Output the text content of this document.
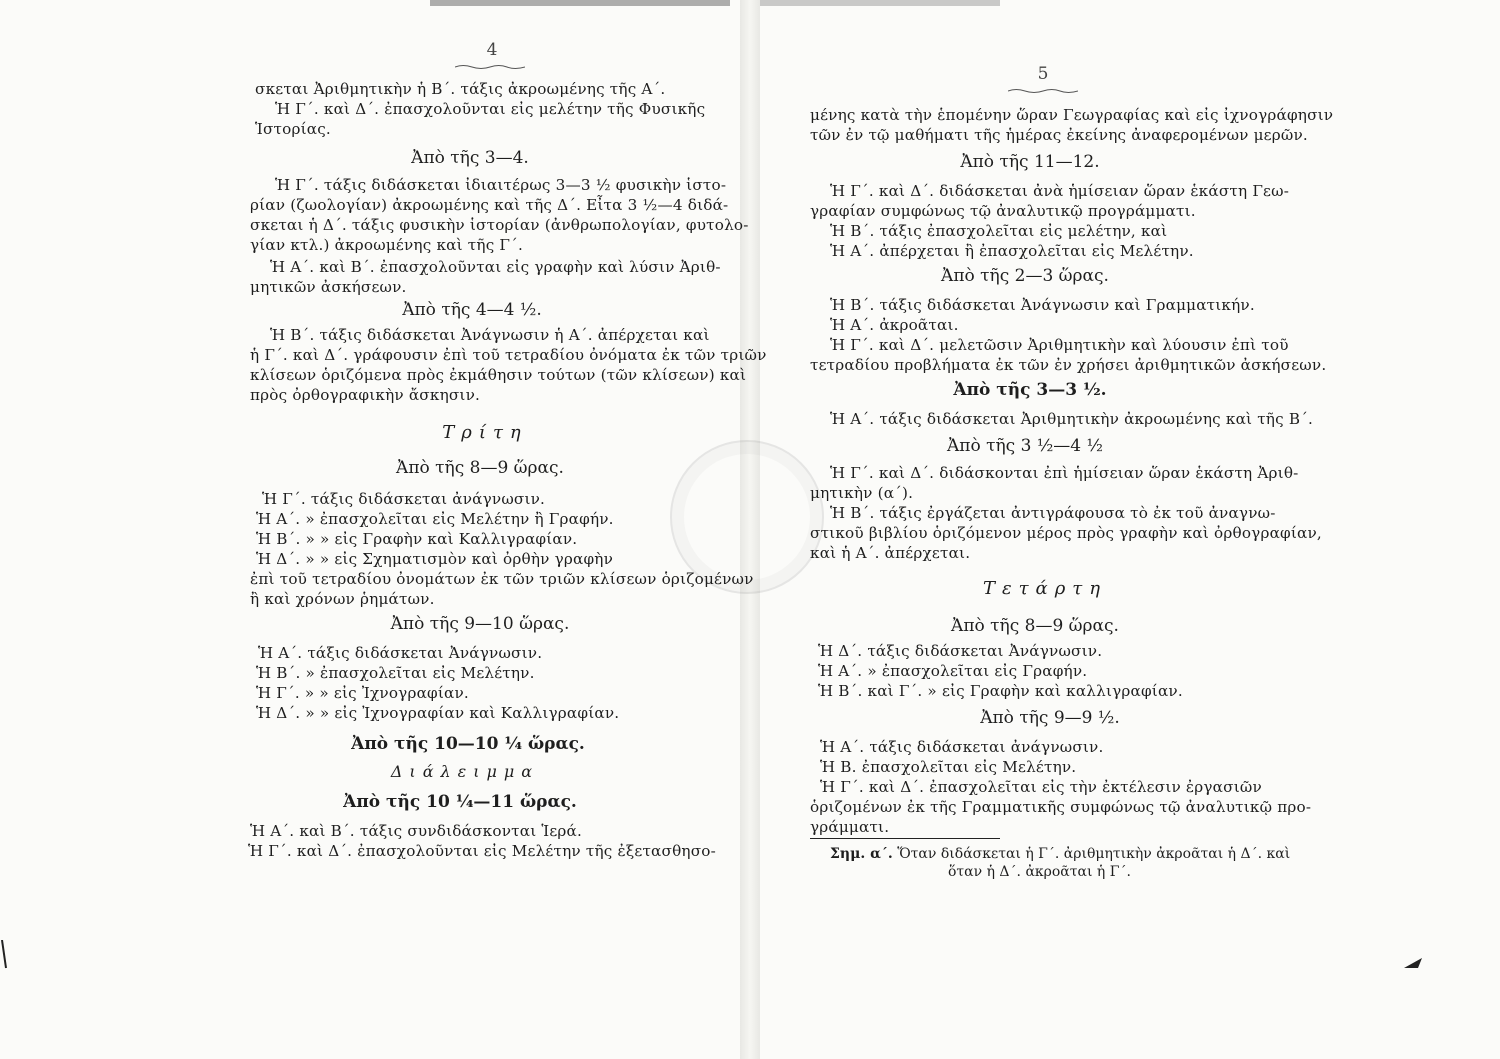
4
σκεται Ἀριθμητικὴν ἡ Β΄. τάξις ἀκροωμένης τῆς Α΄.
Ἡ Γ΄. καὶ Δ΄. ἐπασχολοῦνται εἰς μελέτην τῆς Φυσικῆς
Ἱστορίας.
Ἀπὸ τῆς 3—4.
Ἡ Γ΄. τάξις διδάσκεται ἰδιαιτέρως 3—3 ½ φυσικὴν ἱστο-
ρίαν (ζωολογίαν) ἀκροωμένης καὶ τῆς Δ΄. Εἶτα 3 ½—4 διδά-
σκεται ἡ Δ΄. τάξις φυσικὴν ἱστορίαν (ἀνθρωπολογίαν, φυτολο-
γίαν κτλ.) ἀκροωμένης καὶ τῆς Γ΄.
Ἡ Α΄. καὶ Β΄. ἐπασχολοῦνται εἰς γραφὴν καὶ λύσιν Ἀριθ-
μητικῶν ἀσκήσεων.
Ἀπὸ τῆς 4—4 ½.
Ἡ Β΄. τάξις διδάσκεται Ἀνάγνωσιν ἡ Α΄. ἀπέρχεται καὶ
ἡ Γ΄. καὶ Δ΄. γράφουσιν ἐπὶ τοῦ τετραδίου ὀνόματα ἐκ τῶν τριῶν
κλίσεων ὁριζόμενα πρὸς ἐκμάθησιν τούτων (τῶν κλίσεων) καὶ
πρὸς ὀρθογραφικὴν ἄσκησιν.
Τρίτη
Ἀπὸ τῆς 8—9 ὥρας.
Ἡ Γ΄. τάξις διδάσκεται ἀνάγνωσιν.
Ἡ Α΄. » ἐπασχολεῖται εἰς Μελέτην ἢ Γραφήν.
Ἡ Β΄. » » εἰς Γραφὴν καὶ Καλλιγραφίαν.
Ἡ Δ΄. » » εἰς Σχηματισμὸν καὶ ὀρθὴν γραφὴν
ἐπὶ τοῦ τετραδίου ὀνομάτων ἐκ τῶν τριῶν κλίσεων ὁριζομένων
ἢ καὶ χρόνων ῥημάτων.
Ἀπὸ τῆς 9—10 ὥρας.
Ἡ Α΄. τάξις διδάσκεται Ἀνάγνωσιν.
Ἡ Β΄. » ἐπασχολεῖται εἰς Μελέτην.
Ἡ Γ΄. » » εἰς Ἰχνογραφίαν.
Ἡ Δ΄. » » εἰς Ἰχνογραφίαν καὶ Καλλιγραφίαν.
Ἀπὸ τῆς 10—10 ¼ ὥρας.
Διάλειμμα
Ἀπὸ τῆς 10 ¼—11 ὥρας.
Ἡ Α΄. καὶ Β΄. τάξις συνδιδάσκονται Ἱερά.
Ἡ Γ΄. καὶ Δ΄. ἐπασχολοῦνται εἰς Μελέτην τῆς ἐξετασθησο-
5
μένης κατὰ τὴν ἑπομένην ὥραν Γεωγραφίας καὶ εἰς ἰχνογράφησιν
τῶν ἐν τῷ μαθήματι τῆς ἡμέρας ἐκείνης ἀναφερομένων μερῶν.
Ἀπὸ τῆς 11—12.
Ἡ Γ΄. καὶ Δ΄. διδάσκεται ἀνὰ ἡμίσειαν ὥραν ἑκάστη Γεω-
γραφίαν συμφώνως τῷ ἀναλυτικῷ προγράμματι.
Ἡ Β΄. τάξις ἐπασχολεῖται εἰς μελέτην, καὶ
Ἡ Α΄. ἀπέρχεται ἢ ἐπασχολεῖται εἰς Μελέτην.
Ἀπὸ τῆς 2—3 ὥρας.
Ἡ Β΄. τάξις διδάσκεται Ἀνάγνωσιν καὶ Γραμματικήν.
Ἡ Α΄. ἀκροᾶται.
Ἡ Γ΄. καὶ Δ΄. μελετῶσιν Ἀριθμητικὴν καὶ λύουσιν ἐπὶ τοῦ
τετραδίου προβλήματα ἐκ τῶν ἐν χρήσει ἀριθμητικῶν ἀσκήσεων.
Ἀπὸ τῆς 3—3 ½.
Ἡ Α΄. τάξις διδάσκεται Ἀριθμητικὴν ἀκροωμένης καὶ τῆς Β΄.
Ἀπὸ τῆς 3 ½—4 ½
Ἡ Γ΄. καὶ Δ΄. διδάσκονται ἐπὶ ἡμίσειαν ὥραν ἑκάστη Ἀριθ-
μητικὴν (α΄).
Ἡ Β΄. τάξις ἐργάζεται ἀντιγράφουσα τὸ ἐκ τοῦ ἀναγνω-
στικοῦ βιβλίου ὁριζόμενον μέρος πρὸς γραφὴν καὶ ὀρθογραφίαν,
καὶ ἡ Α΄. ἀπέρχεται.
Τετάρτη
Ἀπὸ τῆς 8—9 ὥρας.
Ἡ Δ΄. τάξις διδάσκεται Ἀνάγνωσιν.
Ἡ Α΄. » ἐπασχολεῖται εἰς Γραφήν.
Ἡ Β΄. καὶ Γ΄. » εἰς Γραφὴν καὶ καλλιγραφίαν.
Ἀπὸ τῆς 9—9 ½.
Ἡ Α΄. τάξις διδάσκεται ἀνάγνωσιν.
Ἡ Β. ἐπασχολεῖται εἰς Μελέτην.
Ἡ Γ΄. καὶ Δ΄. ἐπασχολεῖται εἰς τὴν ἐκτέλεσιν ἐργασιῶν
ὁριζομένων ἐκ τῆς Γραμματικῆς συμφώνως τῷ ἀναλυτικῷ προ-
γράμματι.
Σημ. α΄. Ὅταν διδάσκεται ἡ Γ΄. ἀριθμητικὴν ἀκροᾶται ἡ Δ΄. καὶ
ὅταν ἡ Δ΄. ἀκροᾶται ἡ Γ΄.
